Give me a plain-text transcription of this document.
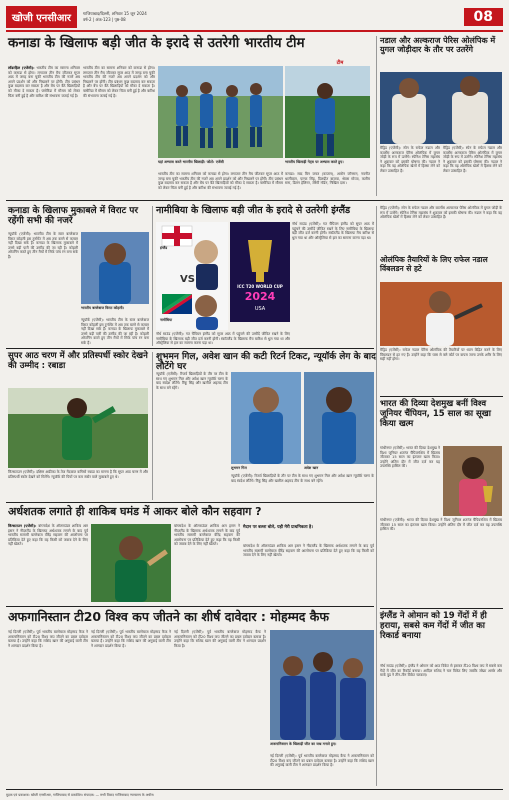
खोजी एनसीआर	गाजियाबाद/दिल्ली, शनिवार 15 जून 2024
वर्ष-2 | अंक-123 | पृष्ठ-08	08
कनाडा के खिलाफ बड़ी जीत के इरादे से उतरेगी भारतीय टीम
लॉडरहिल (एजेंसी): भारतीय टीम का सामना शनिवार को कनाडा से होगा। लगातार तीन मैच जीतकर सुपर आठ में जगह बना चुकी भारतीय टीम की नजरें अब अपने प्रदर्शन को और निखारने पर होंगी। टीम प्रबंधन कुछ बदलाव कर सकता है और बेंच पर बैठे खिलाड़ियों को मौका दे सकता है। फ्लोरिडा में मौसम को लेकर चिंता बनी हुई है और बारिश की संभावना जताई गई है।
भारतीय टीम का सामना शनिवार को कनाडा से होगा। लगातार तीन मैच जीतकर सुपर आठ में जगह बना चुकी भारतीय टीम की नजरें अब अपने प्रदर्शन को और निखारने पर होंगी। टीम प्रबंधन कुछ बदलाव कर सकता है और बेंच पर बैठे खिलाड़ियों को मौका दे सकता है। फ्लोरिडा में मौसम को लेकर चिंता बनी हुई है और बारिश की संभावना जताई गई है।
यहां अभ्यास करते भारतीय खिलाड़ी। फोटो: एजेंसी	भारतीय खिलाड़ी नेट्स पर अभ्यास करते हुए।
भारतीय टीम का सामना शनिवार को कनाडा से होगा। लगातार तीन मैच जीतकर सुपर आठ में जगह बना चुकी भारतीय टीम की नजरें अब अपने प्रदर्शन को और निखारने पर होंगी। टीम प्रबंधन कुछ बदलाव कर सकता है और बेंच पर बैठे खिलाड़ियों को मौका दे सकता है। फ्लोरिडा में मौसम को लेकर चिंता बनी हुई है और बारिश की संभावना जताई गई है।
टीम
कनाडा: साद बिन जफर (कप्तान), आरोन जॉनसन, नवनीत धालीवाल, परगट सिंह, दिलप्रीत बाजवा, श्रेयस मोव्वा, कलीम सना, डिलन हेलिगर, जेरेमी गॉर्डन, निखिल दत्ता।
नडाल और अल्कराज पेरिस ओलंपिक में युगल जोड़ीदार के तौर पर उतरेंगे
मैड्रिड (एजेंसी): स्पेन के राफेल नडाल और कार्लोस अल्कराज पेरिस ओलंपिक में युगल जोड़ी के रूप में उतरेंगे। स्पेनिश टेनिस महासंघ ने शुक्रवार को इसकी घोषणा की। नडाल ने कहा कि वह ओलंपिक खेलों में हिस्सा लेने को लेकर उत्साहित हैं।
मैड्रिड (एजेंसी): स्पेन के राफेल नडाल और कार्लोस अल्कराज पेरिस ओलंपिक में युगल जोड़ी के रूप में उतरेंगे। स्पेनिश टेनिस महासंघ ने शुक्रवार को इसकी घोषणा की। नडाल ने कहा कि वह ओलंपिक खेलों में हिस्सा लेने को लेकर उत्साहित हैं।
कनाडा के खिलाफ मुकाबले में विराट पर रहेंगी सभी की नजरें
न्यूयॉर्क (एजेंसी): भारतीय टीम के स्टार बल्लेबाज विराट कोहली इस टूर्नामेंट में अब तक बल्ले से कमाल नहीं दिखा सके हैं। कनाडा के खिलाफ मुकाबले में उनसे बड़ी पारी की उम्मीद की जा रही है। कोहली ओपनिंग करते हुए तीन मैचों में सिर्फ पांच रन बना सके हैं।
भारतीय बल्लेबाज विराट कोहली।
न्यूयॉर्क (एजेंसी): भारतीय टीम के स्टार बल्लेबाज विराट कोहली इस टूर्नामेंट में अब तक बल्ले से कमाल नहीं दिखा सके हैं। कनाडा के खिलाफ मुकाबले में उनसे बड़ी पारी की उम्मीद की जा रही है। कोहली ओपनिंग करते हुए तीन मैचों में सिर्फ पांच रन बना सके हैं।
नामीबिया के खिलाफ बड़ी जीत के इरादे से उतरेगी इंग्लैंड
VS
इंग्लैंड
नामीबिया
ICC T20 WORLD CUP
2024
USA
नॉर्थ साउंड (एजेंसी): गत चैंपियन इंग्लैंड को सुपर आठ में पहुंचने की उम्मीदें जीवित रखने के लिए नामीबिया के खिलाफ बड़ी जीत दर्ज करनी होगी। स्कॉटलैंड के खिलाफ मैच बारिश से धुल गया था और ऑस्ट्रेलिया से हार का सामना करना पड़ा था।
नॉर्थ साउंड (एजेंसी): गत चैंपियन इंग्लैंड को सुपर आठ में पहुंचने की उम्मीदें जीवित रखने के लिए नामीबिया के खिलाफ बड़ी जीत दर्ज करनी होगी। स्कॉटलैंड के खिलाफ मैच बारिश से धुल गया था और ऑस्ट्रेलिया से हार का सामना करना पड़ा था।
मैड्रिड (एजेंसी): स्पेन के राफेल नडाल और कार्लोस अल्कराज पेरिस ओलंपिक में युगल जोड़ी के रूप में उतरेंगे। स्पेनिश टेनिस महासंघ ने शुक्रवार को इसकी घोषणा की। नडाल ने कहा कि वह ओलंपिक खेलों में हिस्सा लेने को लेकर उत्साहित हैं।
ओलंपिक तैयारियों के लिए राफेल नडाल विंबलडन से हटे
मैड्रिड (एजेंसी): राफेल नडाल पेरिस ओलंपिक की तैयारियों पर ध्यान केंद्रित करने के लिए विंबलडन से हट गए हैं। उन्होंने कहा कि घास से क्ले कोर्ट पर वापस जाना उनके शरीर के लिए सही नहीं होगा।
सुपर आठ चरण में और प्रतिस्पर्धी स्कोर देखने की उम्मीद : रबाडा
किंग्सटाउन (एजेंसी): दक्षिण अफ्रीका के तेज गेंदबाज कगिसो रबाडा का मानना है कि सुपर आठ चरण में और प्रतिस्पर्धी स्कोर देखने को मिलेंगे। न्यूयॉर्क की पिचों पर कम स्कोर वाले मुकाबले हुए थे।
शुभमन गिल, अवेश खान की कटी रिटर्न टिकट, न्यूयॉर्क लेग के बाद लौटेंगे घर
न्यूयॉर्क (एजेंसी): रिजर्व खिलाड़ियों के तौर पर टीम के साथ गए शुभमन गिल और अवेश खान न्यूयॉर्क चरण के बाद स्वदेश लौटेंगे। रिंकू सिंह और खलील अहमद टीम के साथ बने रहेंगे।
शुभमन गिल	अवेश खान
न्यूयॉर्क (एजेंसी): रिजर्व खिलाड़ियों के तौर पर टीम के साथ गए शुभमन गिल और अवेश खान न्यूयॉर्क चरण के बाद स्वदेश लौटेंगे। रिंकू सिंह और खलील अहमद टीम के साथ बने रहेंगे।
भारत की दिव्या देशमुख बनीं विश्व जूनियर चैंपियन, 15 साल का सूखा किया खत्म
गांधीनगर (एजेंसी): भारत की दिव्या देशमुख ने विश्व जूनियर शतरंज चैंपियनशिप में खिताब जीतकर 15 साल का इंतजार खत्म किया। उन्होंने अंतिम दौर में जीत दर्ज कर यह उपलब्धि हासिल की।
गांधीनगर (एजेंसी): भारत की दिव्या देशमुख ने विश्व जूनियर शतरंज चैंपियनशिप में खिताब जीतकर 15 साल का इंतजार खत्म किया। उन्होंने अंतिम दौर में जीत दर्ज कर यह उपलब्धि हासिल की।
अर्धशतक लगाते ही शाकिब घमंड में आकर बोले कौन सहवाग ?
किंग्सटाउन (एजेंसी): बांग्लादेश के ऑलराउंडर शाकिब अल हसन ने नीदरलैंड के खिलाफ अर्धशतक लगाने के बाद पूर्व भारतीय सलामी बल्लेबाज वीरेंद्र सहवाग की आलोचना पर प्रतिक्रिया देते हुए कहा कि वह किसी को जवाब देने के लिए नहीं खेलते।
बांग्लादेश के ऑलराउंडर शाकिब अल हसन ने नीदरलैंड के खिलाफ अर्धशतक लगाने के बाद पूर्व भारतीय सलामी बल्लेबाज वीरेंद्र सहवाग की आलोचना पर प्रतिक्रिया देते हुए कहा कि वह किसी को जवाब देने के लिए नहीं खेलते।
मैदान पर बल्ला बोले, यही मेरी प्राथमिकता है।
बांग्लादेश के ऑलराउंडर शाकिब अल हसन ने नीदरलैंड के खिलाफ अर्धशतक लगाने के बाद पूर्व भारतीय सलामी बल्लेबाज वीरेंद्र सहवाग की आलोचना पर प्रतिक्रिया देते हुए कहा कि वह किसी को जवाब देने के लिए नहीं खेलते।
इंग्लैंड ने ओमान को 19 गेंदों में ही हराया, सबसे कम गेंदों में जीत का रिकार्ड बनाया
नॉर्थ साउंड (एजेंसी): इंग्लैंड ने ओमान को आठ विकेट से हराकर टी20 विश्व कप में सबसे कम गेंदों में जीत का रिकॉर्ड बनाया। आदिल राशिद ने चार विकेट लिए जबकि जोफ्रा आर्चर और मार्क वुड ने तीन-तीन विकेट चटकाए।
अफगानिस्तान टी20 विश्व कप जीतने का शीर्ष दावेदार : मोहम्मद कैफ
नई दिल्ली (एजेंसी): पूर्व भारतीय बल्लेबाज मोहम्मद कैफ ने अफगानिस्तान को टी20 विश्व कप जीतने का प्रबल दावेदार बताया है। उन्होंने कहा कि राशिद खान की अगुवाई वाली टीम ने शानदार प्रदर्शन किया है।
नई दिल्ली (एजेंसी): पूर्व भारतीय बल्लेबाज मोहम्मद कैफ ने अफगानिस्तान को टी20 विश्व कप जीतने का प्रबल दावेदार बताया है। उन्होंने कहा कि राशिद खान की अगुवाई वाली टीम ने शानदार प्रदर्शन किया है।
नई दिल्ली (एजेंसी): पूर्व भारतीय बल्लेबाज मोहम्मद कैफ ने अफगानिस्तान को टी20 विश्व कप जीतने का प्रबल दावेदार बताया है। उन्होंने कहा कि राशिद खान की अगुवाई वाली टीम ने शानदार प्रदर्शन किया है।
अफगानिस्तान के खिलाड़ी जीत का जश्न मनाते हुए।
नई दिल्ली (एजेंसी): पूर्व भारतीय बल्लेबाज मोहम्मद कैफ ने अफगानिस्तान को टी20 विश्व कप जीतने का प्रबल दावेदार बताया है। उन्होंने कहा कि राशिद खान की अगुवाई वाली टीम ने शानदार प्रदर्शन किया है।
मुद्रक एवं प्रकाशक: खोजी एनसीआर, गाजियाबाद से प्रकाशित। संपादक: — सभी विवाद गाजियाबाद न्यायालय के अधीन।
